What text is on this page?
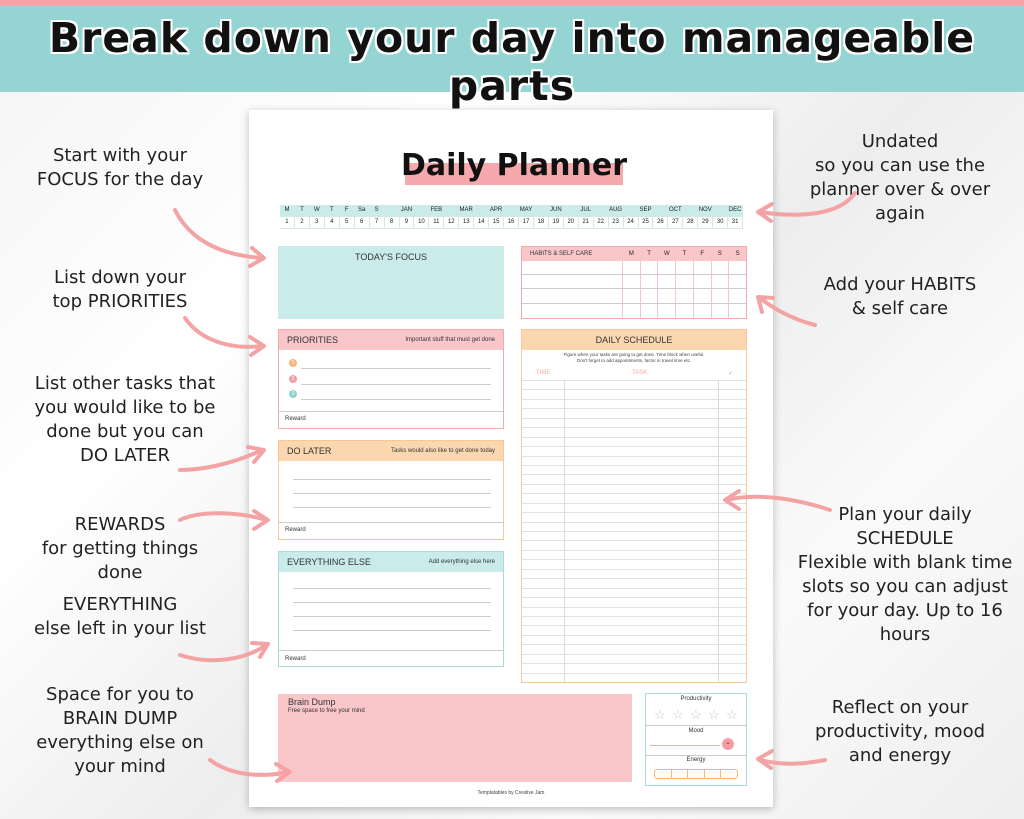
Break down your day into manageable parts
Start with your
FOCUS for the day
List down your
top PRIORITIES
List other tasks that
you would like to be
done but you can
DO LATER
REWARDS
for getting things
done
EVERYTHING
else left in your list
Space for you to
BRAIN DUMP
everything else on
your mind
Undated
so you can use the
planner over & over
again
Add your HABITS
& self care
Plan your daily
SCHEDULE
Flexible with blank time
slots so you can adjust
for your day. Up to 16
hours
Reflect on your
productivity, mood
and energy
Daily Planner
M	T	W	T	F	Sa	S	JAN	FEB	MAR	APR	MAY	JUN	JUL	AUG	SEP	OCT	NOV	DEC
1	2	3	4	5	6	7	8	9	10	11	12	13	14	15	16	17	18	19	20	21	22	23	24	25	26	27	28	29	30	31
TODAY'S FOCUS
PRIORITIES	Important stuff that must get done
1
2
3
Reward
DO LATER	Tasks would also like to get done today
Reward
EVERYTHING ELSE	Add everything else here
Reward
HABITS & SELF CARE	M	T	W	T	F	S	S
DAILY SCHEDULE
Figure when your tasks are going to get done. Time block when useful.
Don't forget to add appointments, factor in travel time etc.
TIME	TASK	✓
Brain Dump
Free space to free your mind
Productivity
☆ ☆ ☆ ☆ ☆
Mood
••
Energy
Templatables by Creative Jam
